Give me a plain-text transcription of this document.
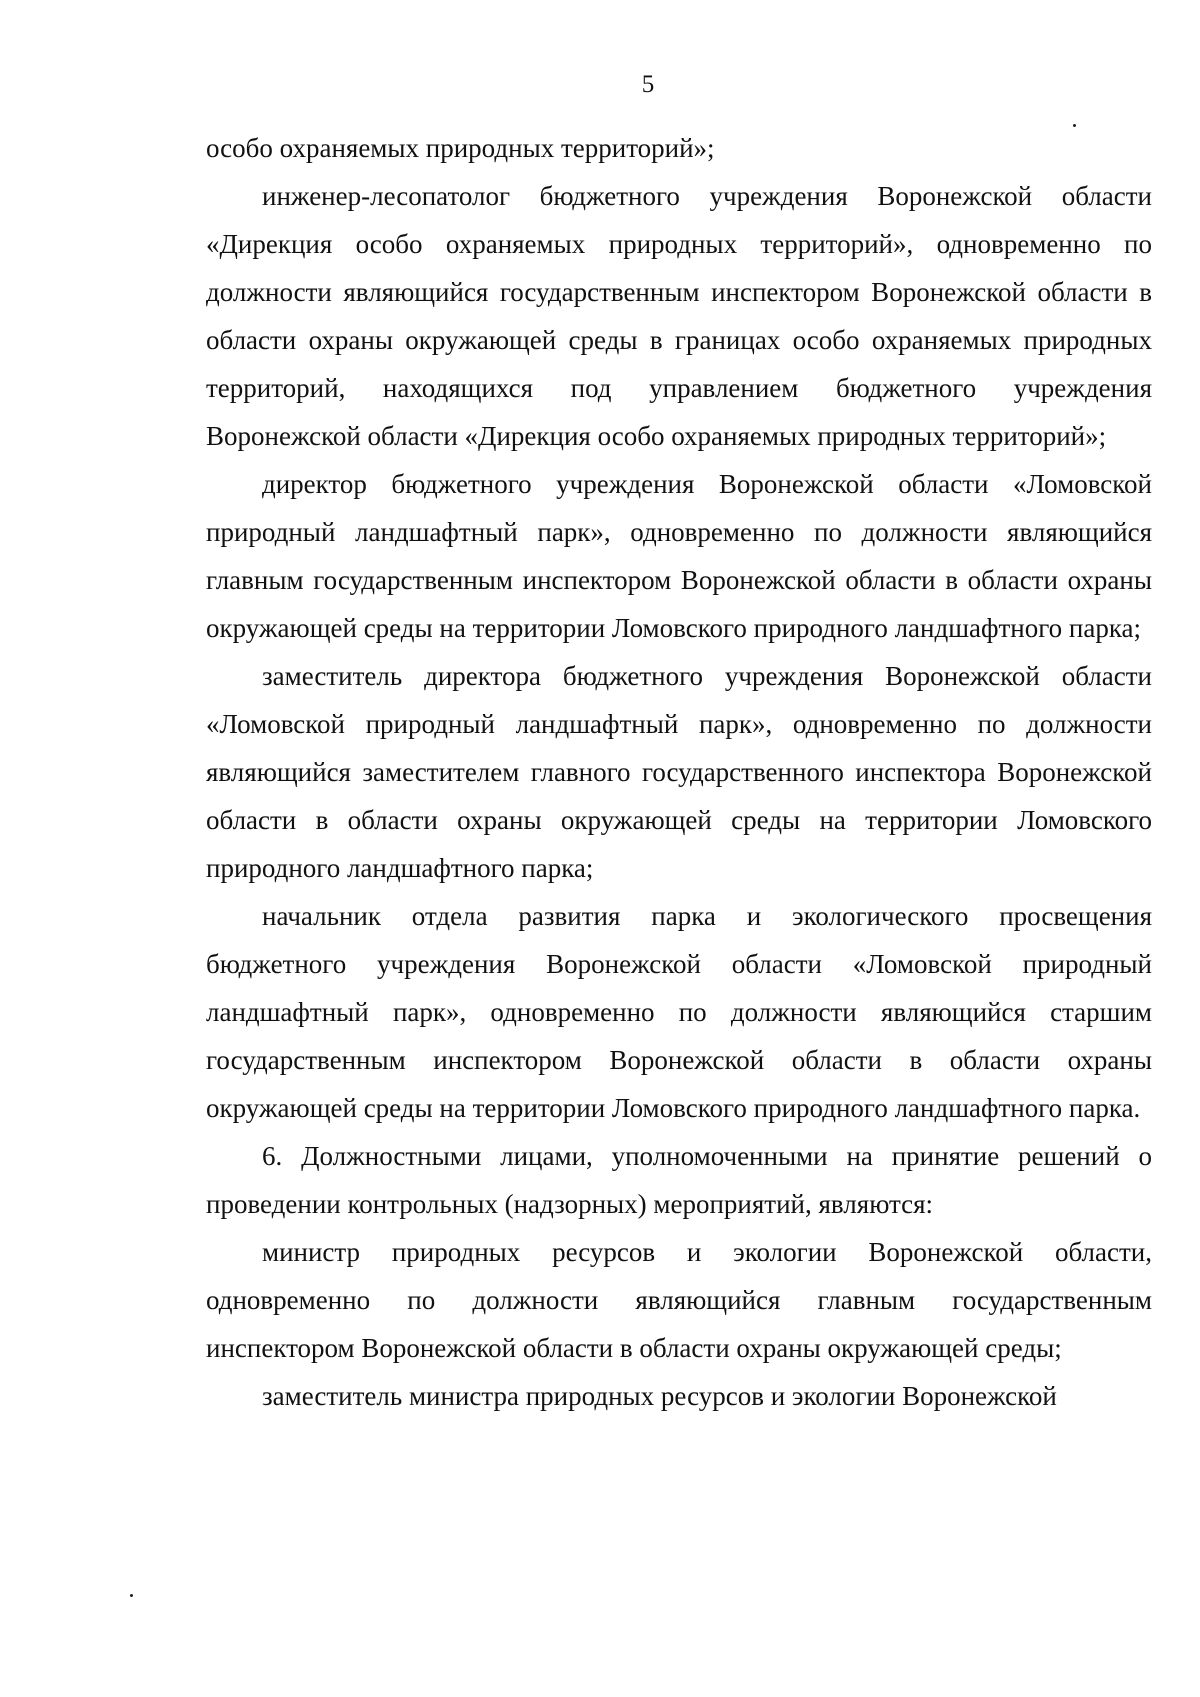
5

особо охраняемых природных территорий»;

инженер-лесопатолог бюджетного учреждения Воронежской области «Дирекция особо охраняемых природных территорий», одновременно по должности являющийся государственным инспектором Воронежской области в области охраны окружающей среды в границах особо охраняемых природных территорий, находящихся под управлением бюджетного учреждения Воронежской области «Дирекция особо охраняемых природных территорий»;

директор бюджетного учреждения Воронежской области «Ломовской природный ландшафтный парк», одновременно по должности являющийся главным государственным инспектором Воронежской области в области охраны окружающей среды на территории Ломовского природного ландшафтного парка;

заместитель директора бюджетного учреждения Воронежской области «Ломовской природный ландшафтный парк», одновременно по должности являющийся заместителем главного государственного инспектора Воронежской области в области охраны окружающей среды на территории Ломовского природного ландшафтного парка;

начальник отдела развития парка и экологического просвещения бюджетного учреждения Воронежской области «Ломовской природный ландшафтный парк», одновременно по должности являющийся старшим государственным инспектором Воронежской области в области охраны окружающей среды на территории Ломовского природного ландшафтного парка.

6. Должностными лицами, уполномоченными на принятие решений о проведении контрольных (надзорных) мероприятий, являются:

министр природных ресурсов и экологии Воронежской области, одновременно по должности являющийся главным государственным инспектором Воронежской области в области охраны окружающей среды;

заместитель министра природных ресурсов и экологии Воронежской
